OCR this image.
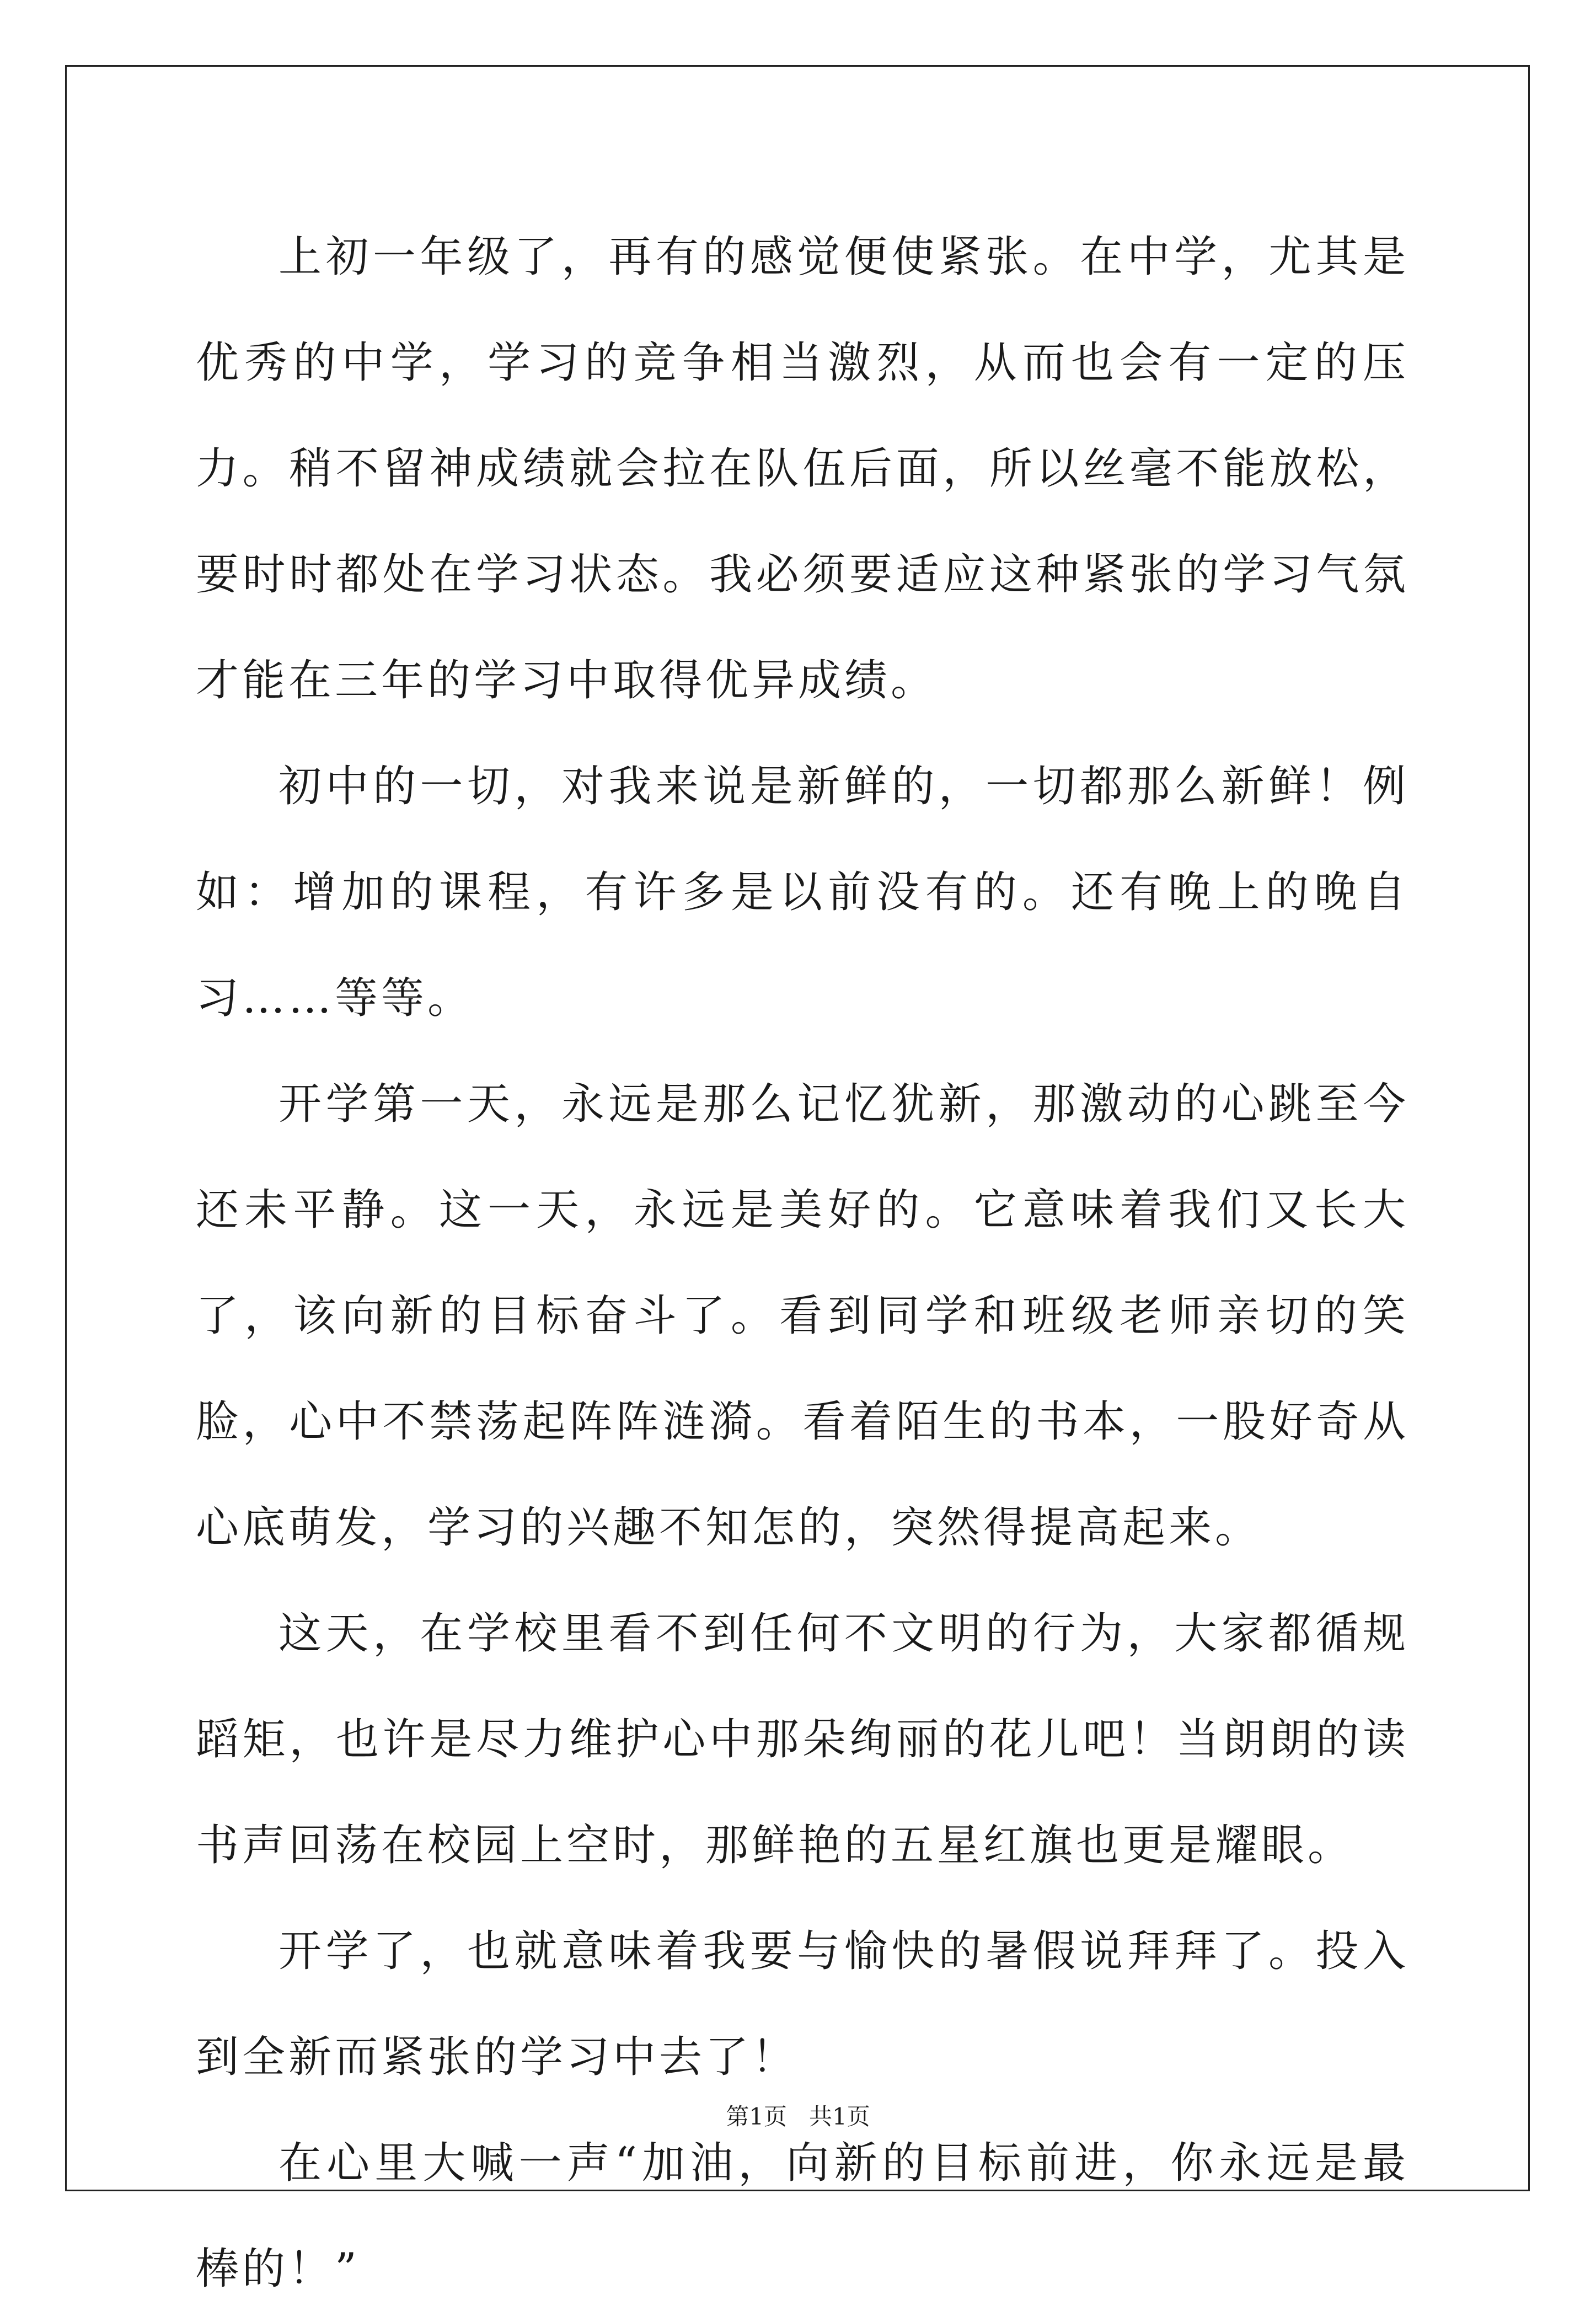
上初一年级了，再有的感觉便使紧张。在中学，尤其是优秀的中学，学习的竞争相当激烈，从而也会有一定的压力。稍不留神成绩就会拉在队伍后面，所以丝毫不能放松，要时时都处在学习状态。我必须要适应这种紧张的学习气氛才能在三年的学习中取得优异成绩。

初中的一切，对我来说是新鲜的，一切都那么新鲜！例如：增加的课程，有许多是以前没有的。还有晚上的晚自习……等等。

开学第一天，永远是那么记忆犹新，那激动的心跳至今还未平静。这一天，永远是美好的。它意味着我们又长大了，该向新的目标奋斗了。看到同学和班级老师亲切的笑脸，心中不禁荡起阵阵涟漪。看着陌生的书本，一股好奇从心底萌发，学习的兴趣不知怎的，突然得提高起来。

这天，在学校里看不到任何不文明的行为，大家都循规蹈矩，也许是尽力维护心中那朵绚丽的花儿吧！当朗朗的读书声回荡在校园上空时，那鲜艳的五星红旗也更是耀眼。

开学了，也就意味着我要与愉快的暑假说拜拜了。投入到全新而紧张的学习中去了！

在心里大喊一声“加油，向新的目标前进，你永远是最棒的！”

第1页   共1页
